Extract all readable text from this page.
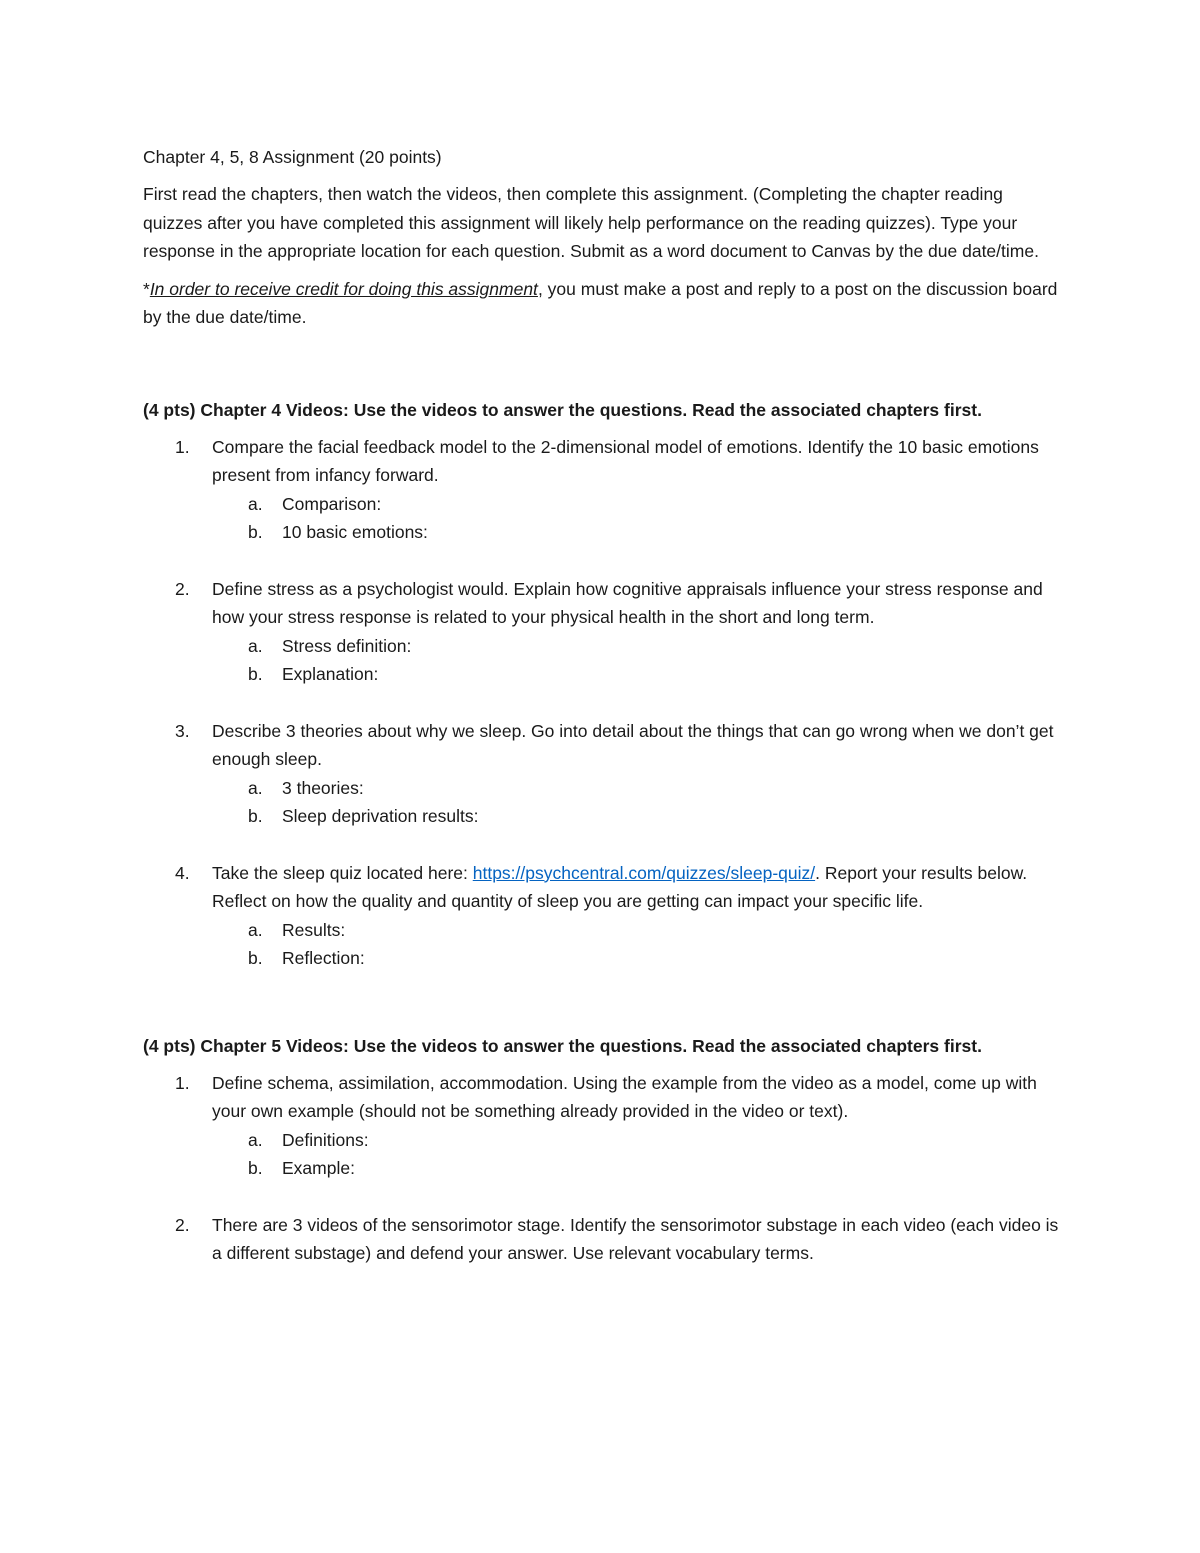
Chapter 4, 5, 8 Assignment (20 points)

First read the chapters, then watch the videos, then complete this assignment. (Completing the chapter reading quizzes after you have completed this assignment will likely help performance on the reading quizzes). Type your response in the appropriate location for each question. Submit as a word document to Canvas by the due date/time.

*In order to receive credit for doing this assignment, you must make a post and reply to a post on the discussion board by the due date/time.

(4 pts) Chapter 4 Videos: Use the videos to answer the questions. Read the associated chapters first.

1. Compare the facial feedback model to the 2-dimensional model of emotions. Identify the 10 basic emotions present from infancy forward.

a. Comparison:

b. 10 basic emotions:

2. Define stress as a psychologist would. Explain how cognitive appraisals influence your stress response and how your stress response is related to your physical health in the short and long term.

a. Stress definition:

b. Explanation:

3. Describe 3 theories about why we sleep. Go into detail about the things that can go wrong when we don’t get enough sleep.

a. 3 theories:

b. Sleep deprivation results:

4. Take the sleep quiz located here: https://psychcentral.com/quizzes/sleep-quiz/. Report your results below. Reflect on how the quality and quantity of sleep you are getting can impact your specific life.

a. Results:

b. Reflection:

(4 pts) Chapter 5 Videos: Use the videos to answer the questions. Read the associated chapters first.

1. Define schema, assimilation, accommodation. Using the example from the video as a model, come up with your own example (should not be something already provided in the video or text).

a. Definitions:

b. Example:

2. There are 3 videos of the sensorimotor stage. Identify the sensorimotor substage in each video (each video is a different substage) and defend your answer. Use relevant vocabulary terms.
